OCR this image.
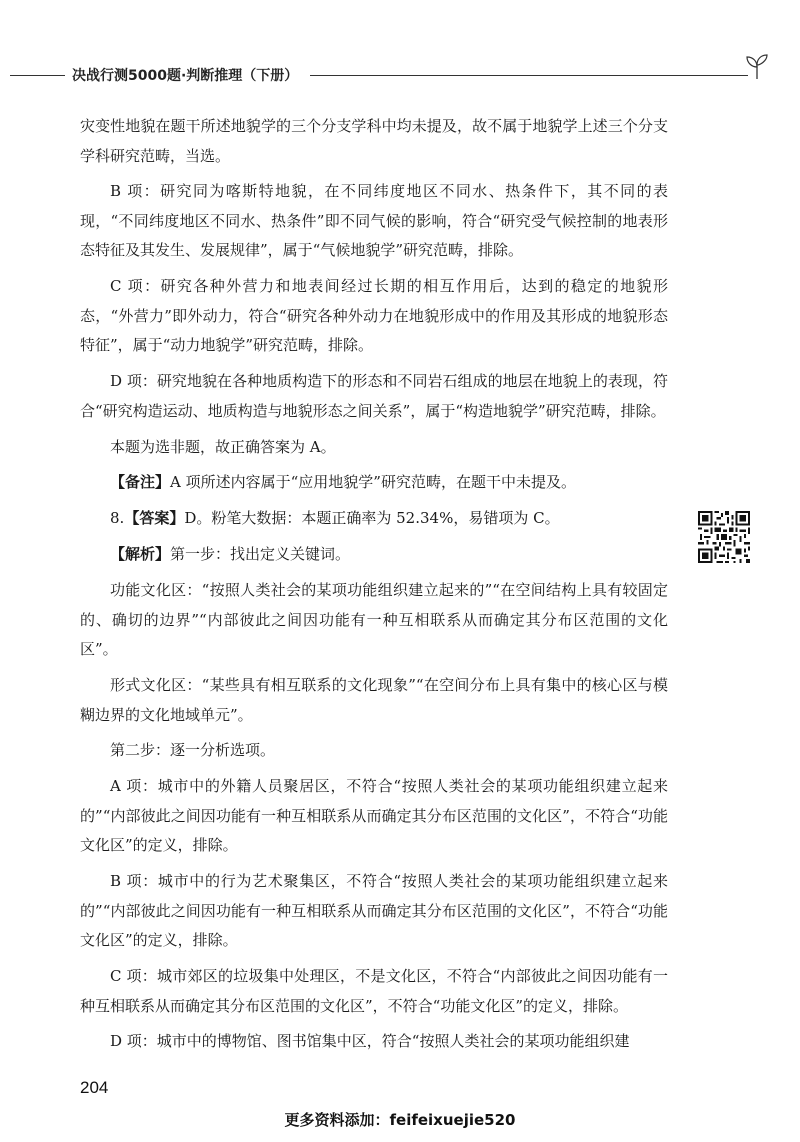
决战行测5000题·判断推理（下册）

灾变性地貌在题干所述地貌学的三个分支学科中均未提及，故不属于地貌学上述三个分支学科研究范畴，当选。

B 项：研究同为喀斯特地貌，在不同纬度地区不同水、热条件下，其不同的表现，“不同纬度地区不同水、热条件”即不同气候的影响，符合“研究受气候控制的地表形态特征及其发生、发展规律”，属于“气候地貌学”研究范畴，排除。

C 项：研究各种外营力和地表间经过长期的相互作用后，达到的稳定的地貌形态，“外营力”即外动力，符合“研究各种外动力在地貌形成中的作用及其形成的地貌形态特征”，属于“动力地貌学”研究范畴，排除。

D 项：研究地貌在各种地质构造下的形态和不同岩石组成的地层在地貌上的表现，符合“研究构造运动、地质构造与地貌形态之间关系”，属于“构造地貌学”研究范畴，排除。

本题为选非题，故正确答案为 A。

【备注】A 项所述内容属于“应用地貌学”研究范畴，在题干中未提及。

8.【答案】D。粉笔大数据：本题正确率为 52.34%，易错项为 C。

【解析】第一步：找出定义关键词。

功能文化区：“按照人类社会的某项功能组织建立起来的”“在空间结构上具有较固定的、确切的边界”“内部彼此之间因功能有一种互相联系从而确定其分布区范围的文化区”。

形式文化区：“某些具有相互联系的文化现象”“在空间分布上具有集中的核心区与模糊边界的文化地域单元”。

第二步：逐一分析选项。

A 项：城市中的外籍人员聚居区，不符合“按照人类社会的某项功能组织建立起来的”“内部彼此之间因功能有一种互相联系从而确定其分布区范围的文化区”，不符合“功能文化区”的定义，排除。

B 项：城市中的行为艺术聚集区，不符合“按照人类社会的某项功能组织建立起来的”“内部彼此之间因功能有一种互相联系从而确定其分布区范围的文化区”，不符合“功能文化区”的定义，排除。

C 项：城市郊区的垃圾集中处理区，不是文化区，不符合“内部彼此之间因功能有一种互相联系从而确定其分布区范围的文化区”，不符合“功能文化区”的定义，排除。

D 项：城市中的博物馆、图书馆集中区，符合“按照人类社会的某项功能组织建

204
更多资料添加：feifeixuejie520
